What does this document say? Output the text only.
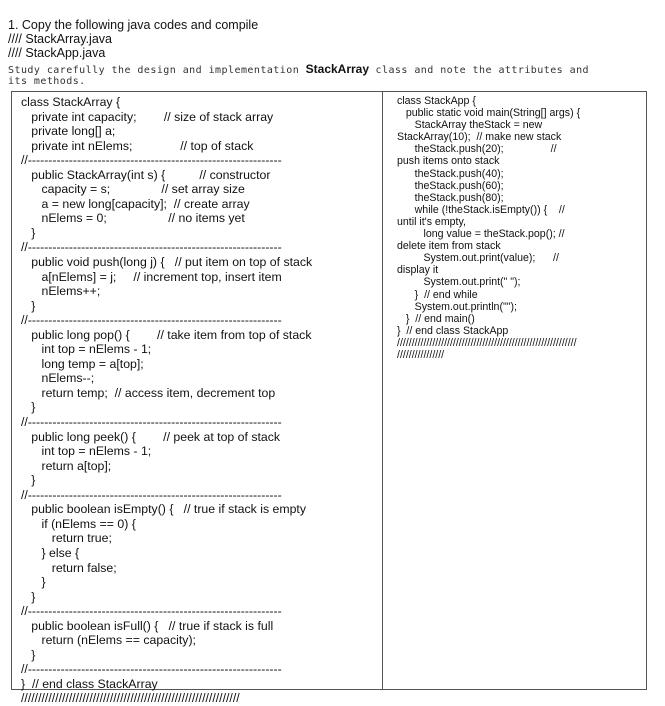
1. Copy the following java codes and compile
//// StackArray.java
//// StackApp.java
Study carefully the design and implementation StackArray class and note the attributes and
its methods.
class StackArray {
private int capacity;        // size of stack array
private long[] a;
private int nElems;              // top of stack
//--------------------------------------------------------------
public StackArray(int s) {          // constructor
capacity = s;               // set array size
a = new long[capacity];  // create array
nElems = 0;                  // no items yet
}
//--------------------------------------------------------------
public void push(long j) {   // put item on top of stack
a[nElems] = j;     // increment top, insert item
nElems++;
}
//--------------------------------------------------------------
public long pop() {        // take item from top of stack
int top = nElems - 1;
long temp = a[top];
nElems--;
return temp;  // access item, decrement top
}
//--------------------------------------------------------------
public long peek() {        // peek at top of stack
int top = nElems - 1;
return a[top];
}
//--------------------------------------------------------------
public boolean isEmpty() {   // true if stack is empty
if (nElems == 0) {
return true;
} else {
return false;
}
}
//--------------------------------------------------------------
public boolean isFull() {   // true if stack is full
return (nElems == capacity);
}
//--------------------------------------------------------------
}  // end class StackArray
////////////////////////////////////////////////////////////////
class StackApp {
public static void main(String[] args) {
StackArray theStack = new
StackArray(10);  // make new stack
theStack.push(20);                //
push items onto stack
theStack.push(40);
theStack.push(60);
theStack.push(80);
while (!theStack.isEmpty()) {    //
until it's empty,
long value = theStack.pop(); //
delete item from stack
System.out.print(value);      //
display it
System.out.print(" ");
}  // end while
System.out.println("");
}  // end main()
}  // end class StackApp
/////////////////////////////////////////////////////////////
////////////////
